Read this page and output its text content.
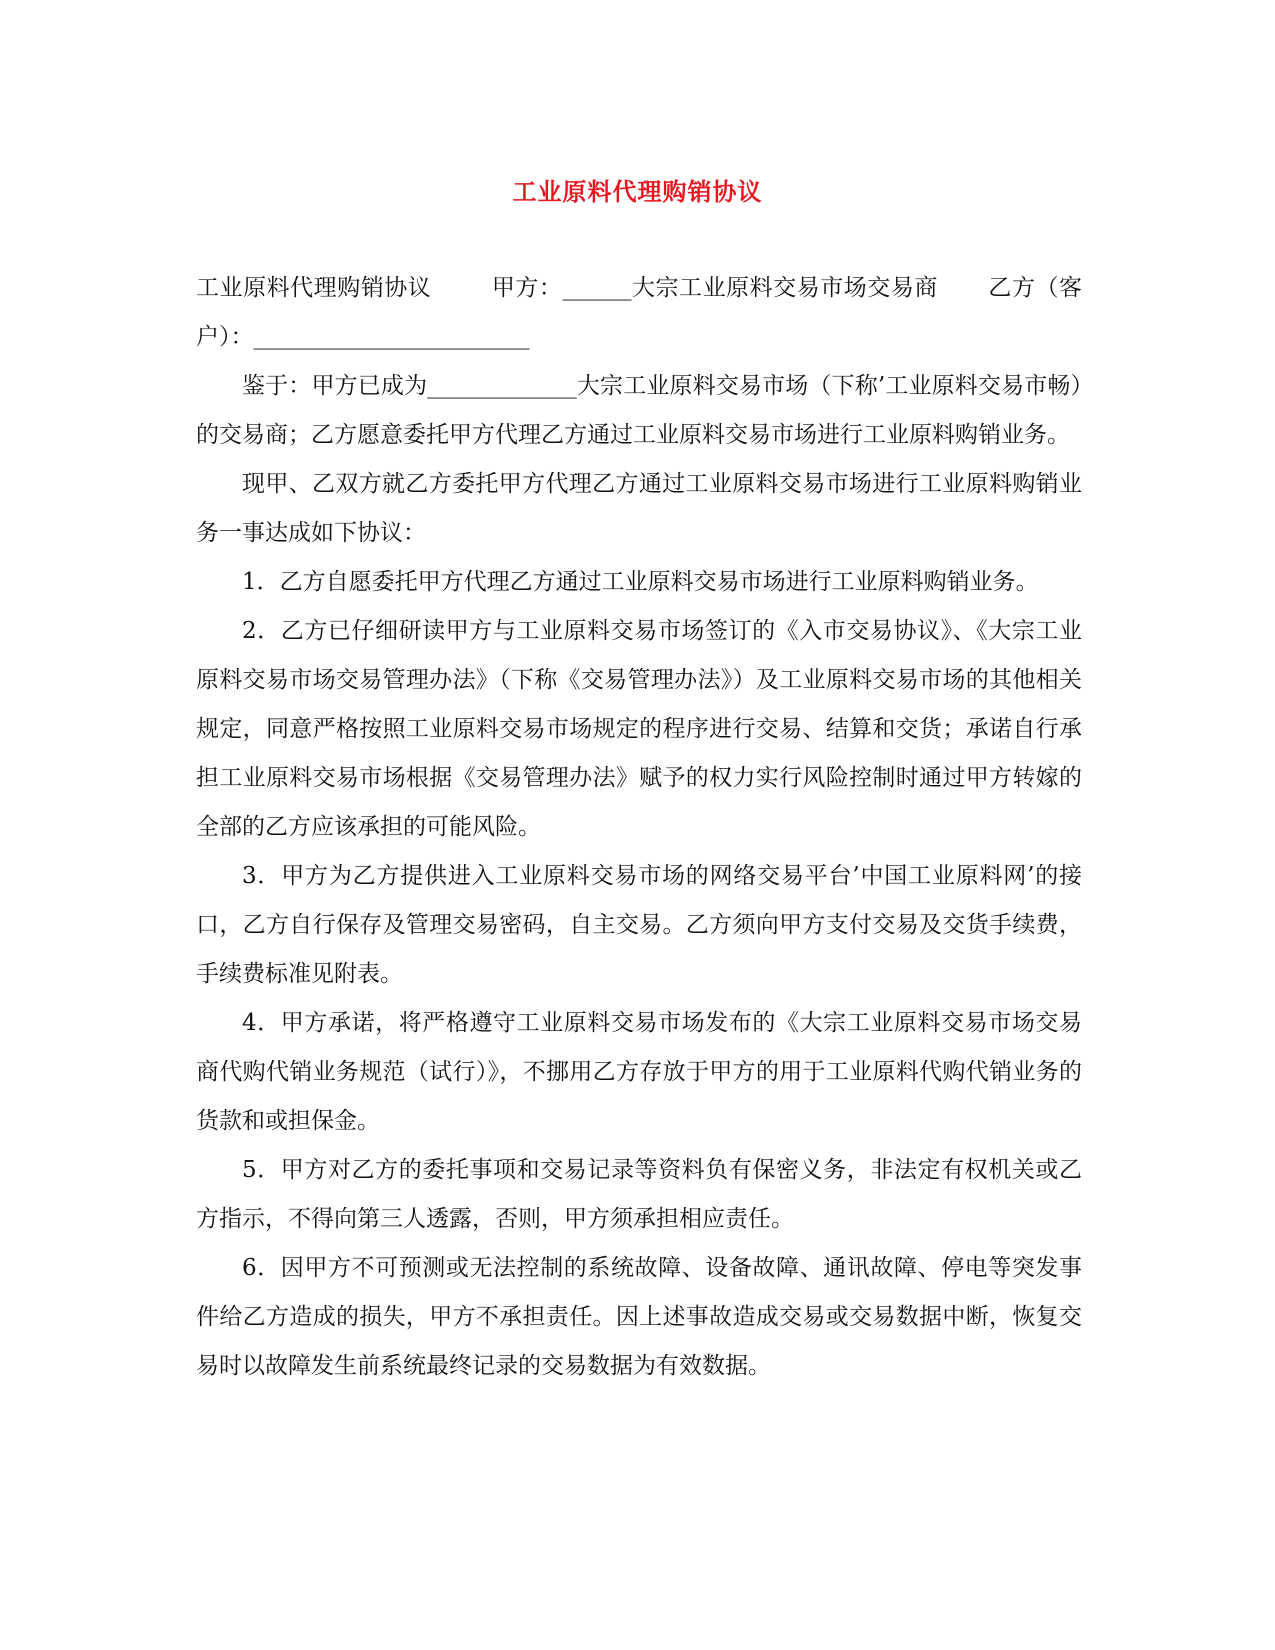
工业原料代理购销协议

工业原料代理购销协议	甲方：______大宗工业原料交易市场交易商 乙方（客户）：________________________

鉴于：甲方已成为_____________大宗工业原料交易市场（下称’工业原料交易市畅）的交易商；乙方愿意委托甲方代理乙方通过工业原料交易市场进行工业原料购销业务。

现甲、乙双方就乙方委托甲方代理乙方通过工业原料交易市场进行工业原料购销业务一事达成如下协议：

1．乙方自愿委托甲方代理乙方通过工业原料交易市场进行工业原料购销业务。

2．乙方已仔细研读甲方与工业原料交易市场签订的《入市交易协议》、《大宗工业原料交易市场交易管理办法》（下称《交易管理办法》）及工业原料交易市场的其他相关规定，同意严格按照工业原料交易市场规定的程序进行交易、结算和交货；承诺自行承担工业原料交易市场根据《交易管理办法》赋予的权力实行风险控制时通过甲方转嫁的全部的乙方应该承担的可能风险。

3．甲方为乙方提供进入工业原料交易市场的网络交易平台’中国工业原料网’的接口，乙方自行保存及管理交易密码，自主交易。乙方须向甲方支付交易及交货手续费，手续费标准见附表。

4．甲方承诺，将严格遵守工业原料交易市场发布的《大宗工业原料交易市场交易商代购代销业务规范（试行）》，不挪用乙方存放于甲方的用于工业原料代购代销业务的货款和或担保金。

5．甲方对乙方的委托事项和交易记录等资料负有保密义务，非法定有权机关或乙方指示，不得向第三人透露，否则，甲方须承担相应责任。

6．因甲方不可预测或无法控制的系统故障、设备故障、通讯故障、停电等突发事件给乙方造成的损失，甲方不承担责任。因上述事故造成交易或交易数据中断，恢复交易时以故障发生前系统最终记录的交易数据为有效数据。
